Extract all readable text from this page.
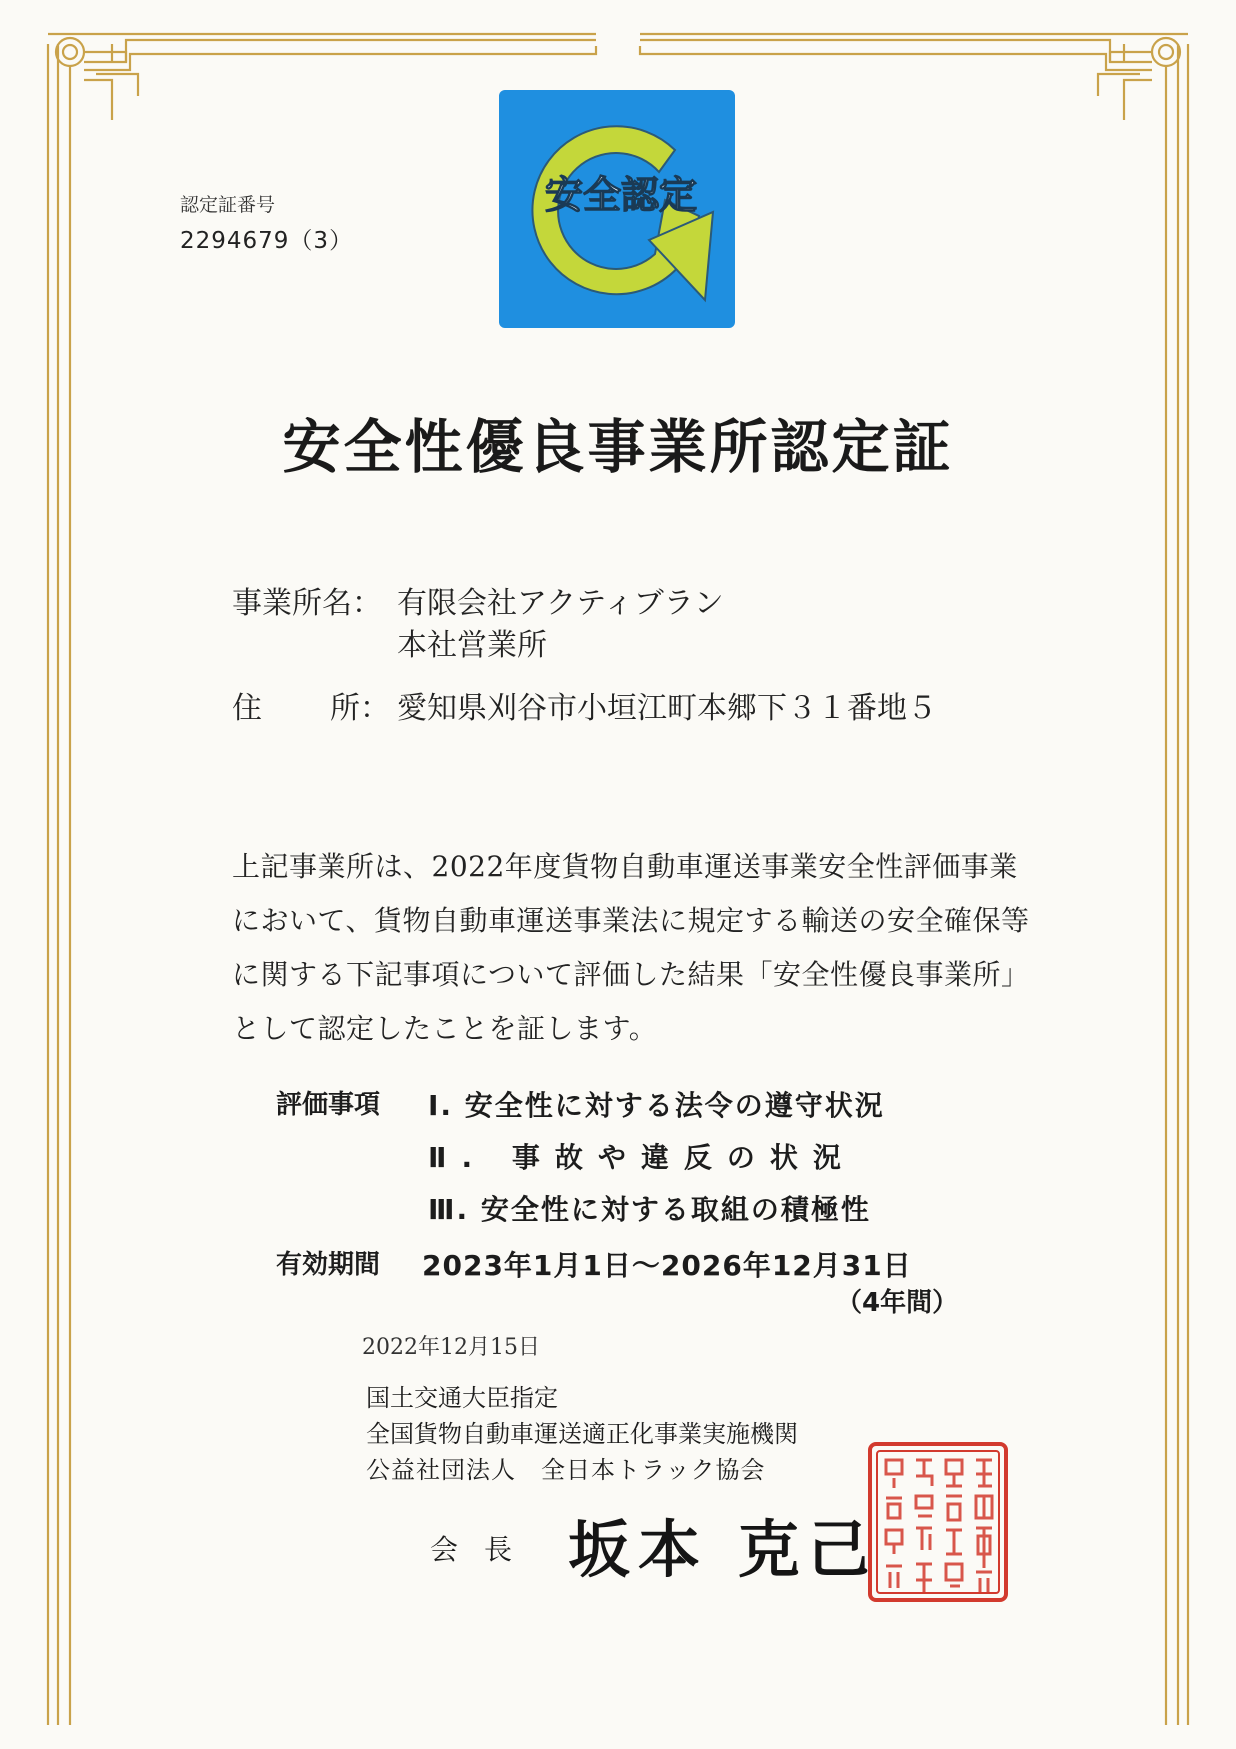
認定証番号
2294679（3）
安全認定
安全性優良事業所認定証
事業所名： 有限会社アクティブラン
本社営業所
住 所： 愛知県刈谷市小垣江町本郷下３１番地５
上記事業所は、2022年度貨物自動車運送事業安全性評価事業
において、貨物自動車運送事業法に規定する輸送の安全確保等
に関する下記事項について評価した結果「安全性優良事業所」
として認定したことを証します。
評価事項 Ⅰ. 安全性に対する法令の遵守状況
Ⅱ. 事故や違反の状況
Ⅲ. 安全性に対する取組の積極性
有効期間 2023年1月1日～2026年12月31日
（4年間）
2022年12月15日
国土交通大臣指定
全国貨物自動車運送適正化事業実施機関
公益社団法人　全日本トラック協会
会長 坂本 克己
